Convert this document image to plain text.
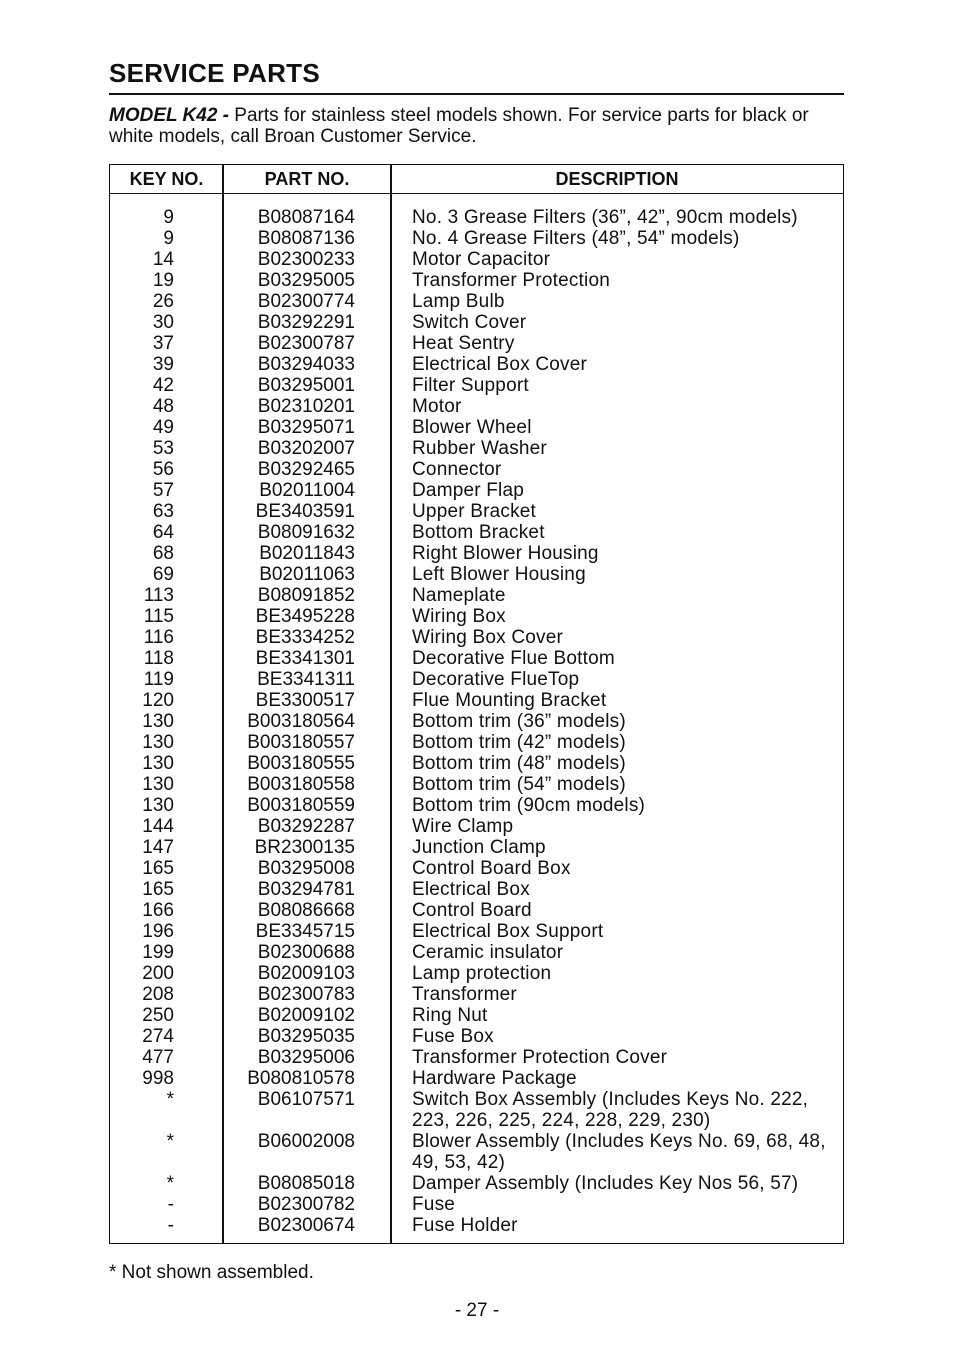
SERVICE PARTS
MODEL K42 - Parts for stainless steel models shown. For service parts for black or white models, call Broan Customer Service.
KEY NO.	PART NO.	DESCRIPTION
9	B08087164	No. 3 Grease Filters (36”, 42”, 90cm models)
9	B08087136	No. 4 Grease Filters (48”, 54” models)
14	B02300233	Motor Capacitor
19	B03295005	Transformer Protection
26	B02300774	Lamp Bulb
30	B03292291	Switch Cover
37	B02300787	Heat Sentry
39	B03294033	Electrical Box Cover
42	B03295001	Filter Support
48	B02310201	Motor
49	B03295071	Blower Wheel
53	B03202007	Rubber Washer
56	B03292465	Connector
57	B02011004	Damper Flap
63	BE3403591	Upper Bracket
64	B08091632	Bottom Bracket
68	B02011843	Right Blower Housing
69	B02011063	Left Blower Housing
113	B08091852	Nameplate
115	BE3495228	Wiring Box
116	BE3334252	Wiring Box Cover
118	BE3341301	Decorative Flue Bottom
119	BE3341311	Decorative FlueTop
120	BE3300517	Flue Mounting Bracket
130	B003180564	Bottom trim (36” models)
130	B003180557	Bottom trim (42” models)
130	B003180555	Bottom trim (48” models)
130	B003180558	Bottom trim (54” models)
130	B003180559	Bottom trim (90cm models)
144	B03292287	Wire Clamp
147	BR2300135	Junction Clamp
165	B03295008	Control Board Box
165	B03294781	Electrical Box
166	B08086668	Control Board
196	BE3345715	Electrical Box Support
199	B02300688	Ceramic insulator
200	B02009103	Lamp protection
208	B02300783	Transformer
250	B02009102	Ring Nut
274	B03295035	Fuse Box
477	B03295006	Transformer Protection Cover
998	B080810578	Hardware Package
*	B06107571	Switch Box Assembly (Includes Keys No. 222, 223, 226, 225, 224, 228, 229, 230)
*	B06002008	Blower Assembly (Includes Keys No. 69, 68, 48, 49, 53, 42)
*	B08085018	Damper Assembly (Includes Key Nos 56, 57)
-	B02300782	Fuse
-	B02300674	Fuse Holder
* Not shown assembled.
- 27 -
